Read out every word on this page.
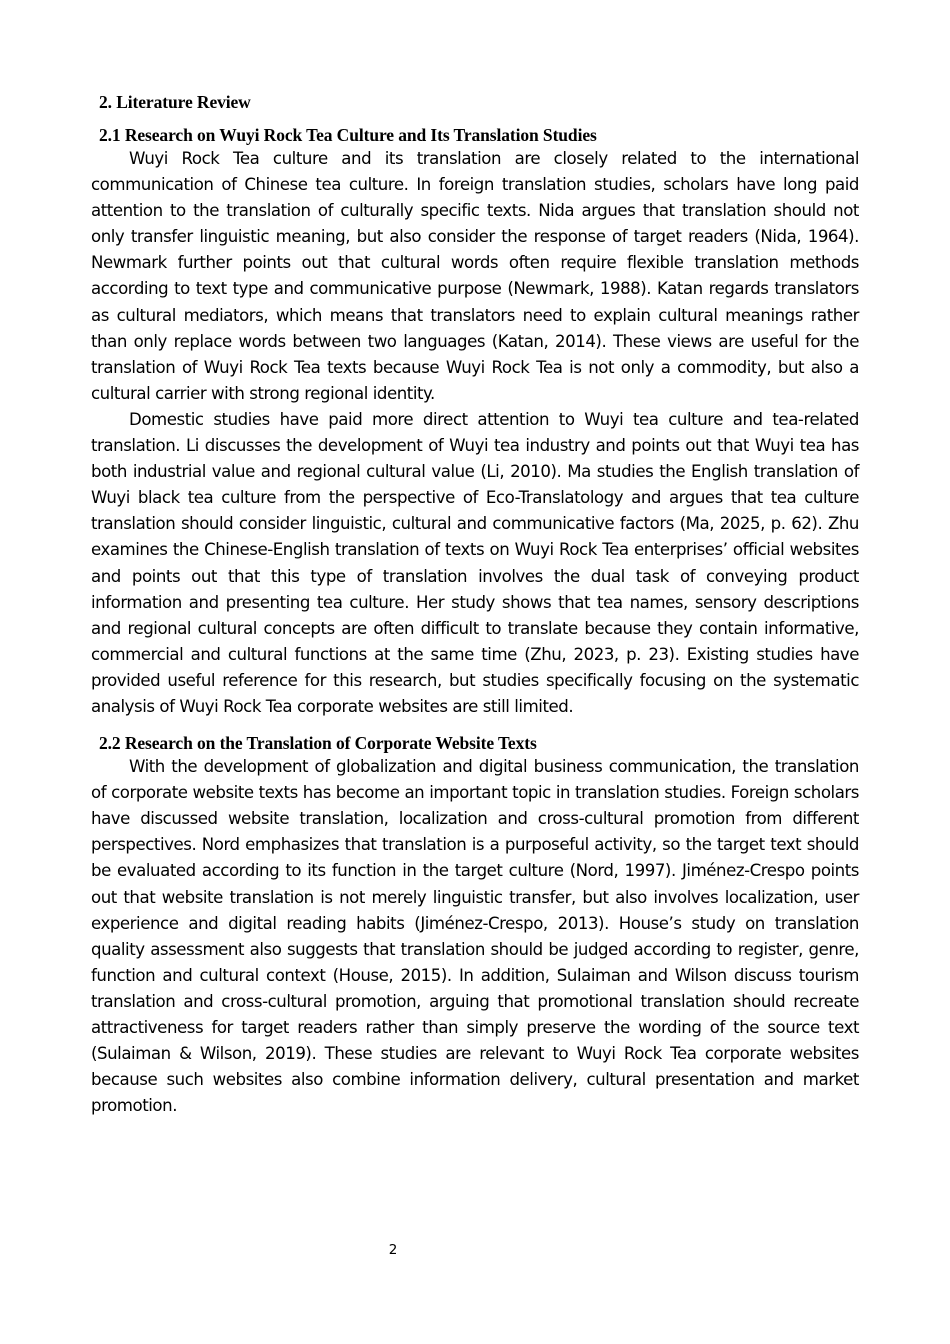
2. Literature Review
2.1 Research on Wuyi Rock Tea Culture and Its Translation Studies

Wuyi Rock Tea culture and its translation are closely related to the international communication of Chinese tea culture. In foreign translation studies, scholars have long paid attention to the translation of culturally specific texts. Nida argues that translation should not only transfer linguistic meaning, but also consider the response of target readers (Nida, 1964). Newmark further points out that cultural words often require flexible translation methods according to text type and communicative purpose (Newmark, 1988). Katan regards translators as cultural mediators, which means that translators need to explain cultural meanings rather than only replace words between two languages (Katan, 2014). These views are useful for the translation of Wuyi Rock Tea texts because Wuyi Rock Tea is not only a commodity, but also a cultural carrier with strong regional identity.

Domestic studies have paid more direct attention to Wuyi tea culture and tea-related translation. Li discusses the development of Wuyi tea industry and points out that Wuyi tea has both industrial value and regional cultural value (Li, 2010). Ma studies the English translation of Wuyi black tea culture from the perspective of Eco-Translatology and argues that tea culture translation should consider linguistic, cultural and communicative factors (Ma, 2025, p. 62). Zhu examines the Chinese-English translation of texts on Wuyi Rock Tea enterprises’ official websites and points out that this type of translation involves the dual task of conveying product information and presenting tea culture. Her study shows that tea names, sensory descriptions and regional cultural concepts are often difficult to translate because they contain informative, commercial and cultural functions at the same time (Zhu, 2023, p. 23). Existing studies have provided useful reference for this research, but studies specifically focusing on the systematic analysis of Wuyi Rock Tea corporate websites are still limited.

2.2 Research on the Translation of Corporate Website Texts

With the development of globalization and digital business communication, the translation of corporate website texts has become an important topic in translation studies. Foreign scholars have discussed website translation, localization and cross-cultural promotion from different perspectives. Nord emphasizes that translation is a purposeful activity, so the target text should be evaluated according to its function in the target culture (Nord, 1997). Jiménez-Crespo points out that website translation is not merely linguistic transfer, but also involves localization, user experience and digital reading habits (Jiménez-Crespo, 2013). House’s study on translation quality assessment also suggests that translation should be judged according to register, genre, function and cultural context (House, 2015). In addition, Sulaiman and Wilson discuss tourism translation and cross-cultural promotion, arguing that promotional translation should recreate attractiveness for target readers rather than simply preserve the wording of the source text (Sulaiman & Wilson, 2019). These studies are relevant to Wuyi Rock Tea corporate websites because such websites also combine information delivery, cultural presentation and market promotion.

2
